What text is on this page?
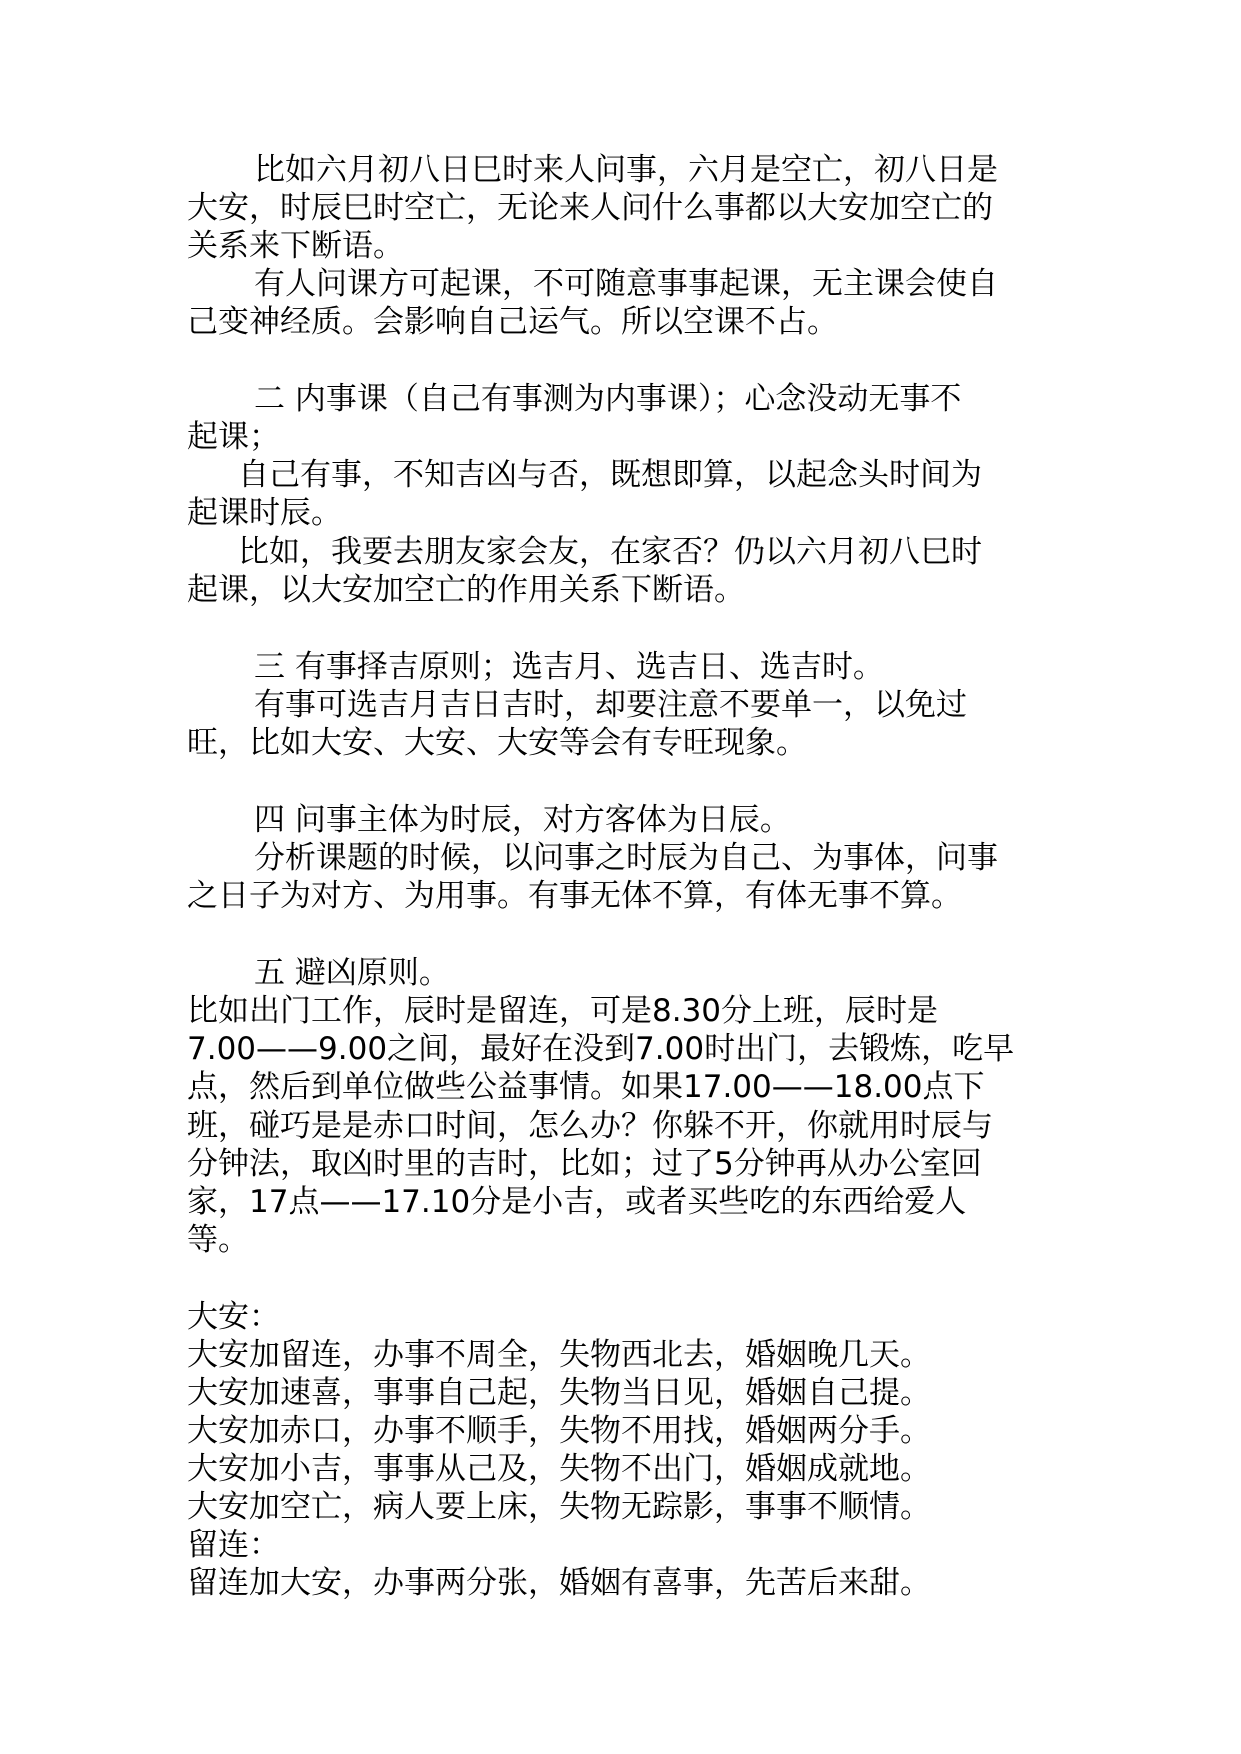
比如六月初八日巳时来人问事，六月是空亡，初八日是
大安，时辰巳时空亡，无论来人问什么事都以大安加空亡的
关系来下断语。
有人问课方可起课，不可随意事事起课，无主课会使自
己变神经质。会影响自己运气。所以空课不占。
二 内事课（自己有事测为内事课）；心念没动无事不
起课；
自己有事，不知吉凶与否，既想即算，以起念头时间为
起课时辰。
比如，我要去朋友家会友，在家否？仍以六月初八巳时
起课，以大安加空亡的作用关系下断语。
三 有事择吉原则；选吉月、选吉日、选吉时。
有事可选吉月吉日吉时，却要注意不要单一，以免过
旺，比如大安、大安、大安等会有专旺现象。
四 问事主体为时辰，对方客体为日辰。
分析课题的时候，以问事之时辰为自己、为事体，问事
之日子为对方、为用事。有事无体不算，有体无事不算。
五 避凶原则。
比如出门工作，辰时是留连，可是8.30分上班，辰时是
7.00——9.00之间，最好在没到7.00时出门，去锻炼，吃早
点，然后到单位做些公益事情。如果17.00——18.00点下
班，碰巧是是赤口时间，怎么办？你躲不开，你就用时辰与
分钟法，取凶时里的吉时，比如；过了5分钟再从办公室回
家，17点——17.10分是小吉，或者买些吃的东西给爱人
等。
大安：
大安加留连，办事不周全，失物西北去，婚姻晚几天。
大安加速喜，事事自己起，失物当日见，婚姻自己提。
大安加赤口，办事不顺手，失物不用找，婚姻两分手。
大安加小吉，事事从己及，失物不出门，婚姻成就地。
大安加空亡，病人要上床，失物无踪影，事事不顺情。
留连：
留连加大安，办事两分张，婚姻有喜事，先苦后来甜。
